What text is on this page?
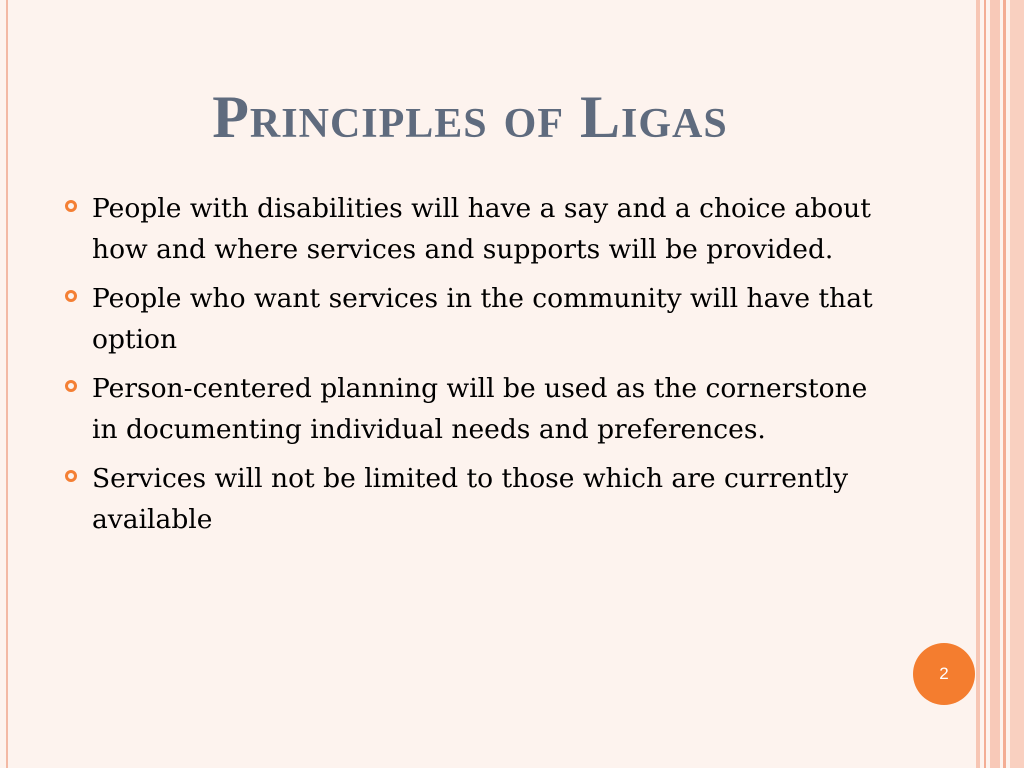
Principles of Ligas
People with disabilities will have a say and a choice about how and where services and supports will be provided.
People who want services in the community will have that option
Person-centered planning will be used as the cornerstone in documenting individual needs and preferences.
Services will not be limited to those which are currently available
2
